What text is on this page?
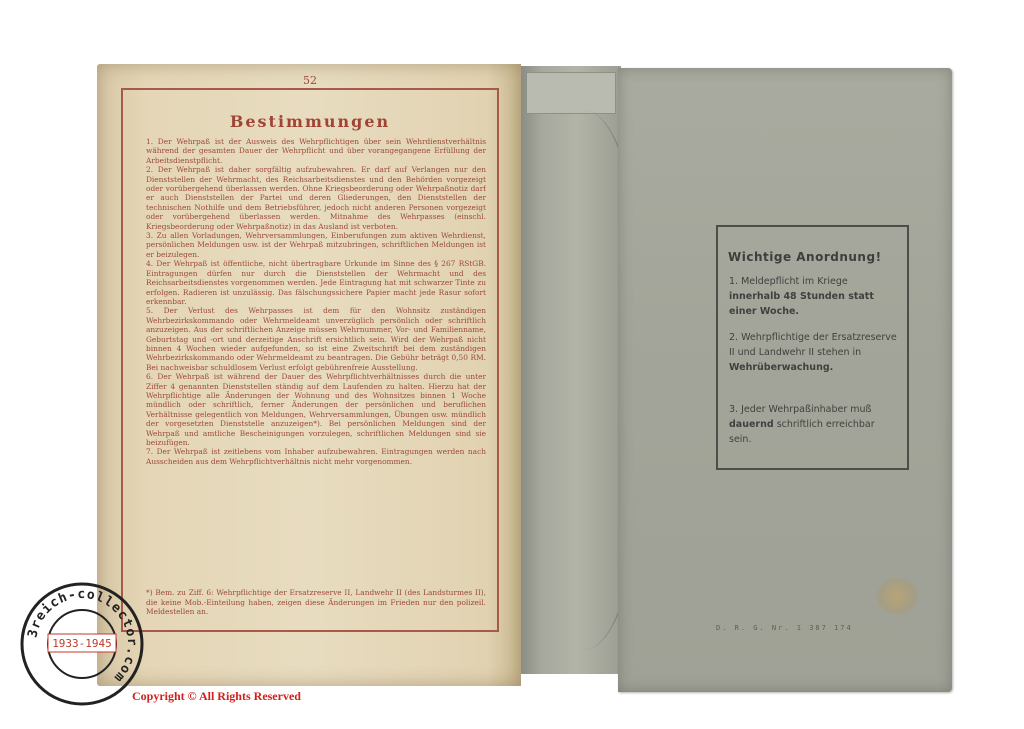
52
Bestimmungen

1. Der Wehrpaß ist der Ausweis des Wehrpflichtigen über sein Wehrdienstverhältnis während der gesamten Dauer der Wehrpflicht und über vorangegangene Erfüllung der Arbeitsdienstpflicht.

2. Der Wehrpaß ist daher sorgfältig aufzubewahren. Er darf auf Verlangen nur den Dienststellen der Wehrmacht, des Reichsarbeitsdienstes und den Behörden vorgezeigt oder vorübergehend überlassen werden. Ohne Kriegsbeorderung oder Wehrpaßnotiz darf er auch Dienststellen der Partei und deren Gliederungen, den Dienststellen der technischen Nothilfe und dem Betriebsführer, jedoch nicht anderen Personen vorgezeigt oder vorübergehend überlassen werden. Mitnahme des Wehrpasses (einschl. Kriegsbeorderung oder Wehrpaßnotiz) in das Ausland ist verboten.

3. Zu allen Vorladungen, Wehrversammlungen, Einberufungen zum aktiven Wehrdienst, persönlichen Meldungen usw. ist der Wehrpaß mitzubringen, schriftlichen Meldungen ist er beizulegen.

4. Der Wehrpaß ist öffentliche, nicht übertragbare Urkunde im Sinne des § 267 RStGB. Eintragungen dürfen nur durch die Dienststellen der Wehrmacht und des Reichsarbeitsdienstes vorgenommen werden. Jede Eintragung hat mit schwarzer Tinte zu erfolgen. Radieren ist unzulässig. Das fälschungssichere Papier macht jede Rasur sofort erkennbar.

5. Der Verlust des Wehrpasses ist dem für den Wohnsitz zuständigen Wehrbezirkskommando oder Wehrmeldeamt unverzüglich persönlich oder schriftlich anzuzeigen. Aus der schriftlichen Anzeige müssen Wehrnummer, Vor- und Familienname, Geburtstag und -ort und derzeitige Anschrift ersichtlich sein. Wird der Wehrpaß nicht binnen 4 Wochen wieder aufgefunden, so ist eine Zweitschrift bei dem zuständigen Wehrbezirkskommando oder Wehrmeldeamt zu beantragen. Die Gebühr beträgt 0,50 RM. Bei nachweisbar schuldlosem Verlust erfolgt gebührenfreie Ausstellung.

6. Der Wehrpaß ist während der Dauer des Wehrpflichtverhältnisses durch die unter Ziffer 4 genannten Dienststellen ständig auf dem Laufenden zu halten. Hierzu hat der Wehrpflichtige alle Änderungen der Wohnung und des Wohnsitzes binnen 1 Woche mündlich oder schriftlich, ferner Änderungen der persönlichen und beruflichen Verhältnisse gelegentlich von Meldungen, Wehrversammlungen, Übungen usw. mündlich der vorgesetzten Dienststelle anzuzeigen*). Bei persönlichen Meldungen sind der Wehrpaß und amtliche Bescheinigungen vorzulegen, schriftlichen Meldungen sind sie beizufügen.

7. Der Wehrpaß ist zeitlebens vom Inhaber aufzubewahren. Eintragungen werden nach Ausscheiden aus dem Wehrpflichtverhältnis nicht mehr vorgenommen.

*) Bem. zu Ziff. 6: Wehrpflichtige der Ersatzreserve II, Landwehr II (des Landsturmes II), die keine Mob.-Einteilung haben, zeigen diese Änderungen im Frieden nur den polizeil. Meldestellen an.
Wichtige Anordnung!
1. Meldepflicht im Kriege
innerhalb 48 Stunden statt einer Woche.
2. Wehrpflichtige der Ersatzreserve II und Landwehr II stehen in
Wehrüberwachung.
3. Jeder Wehrpaßinhaber muß dauernd schriftlich erreichbar sein.
D. R. G. Nr. 1 387 174
3reich-collector.com
1933-1945
Copyright © All Rights Reserved
